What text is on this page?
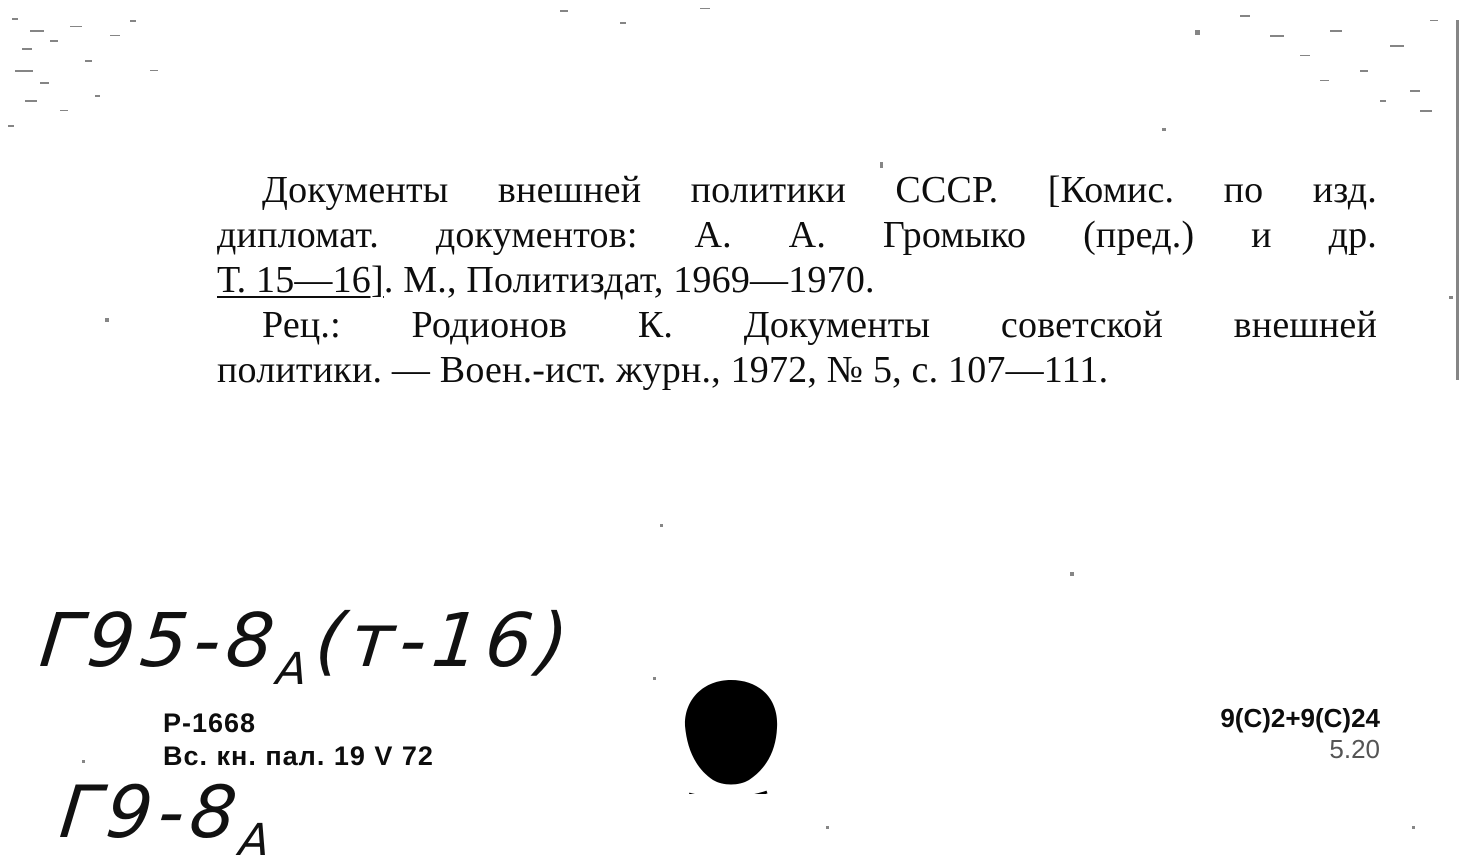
Документы внешней политики СССР. [Комис. по изд.
дипломат. документов: А. А. Громыко (пред.) и др.
Т. 15—16]. М., Политиздат, 1969—1970.
Рец.: Родионов К. Документы советской внешней
политики. — Воен.-ист. журн., 1972, № 5, с. 107—111.
$Г95-8_А(т-16)$
Р-1668
Вс. кн. пал. 19 V 72
$Г9-8_А$
9(С)2+9(С)24
5.20
